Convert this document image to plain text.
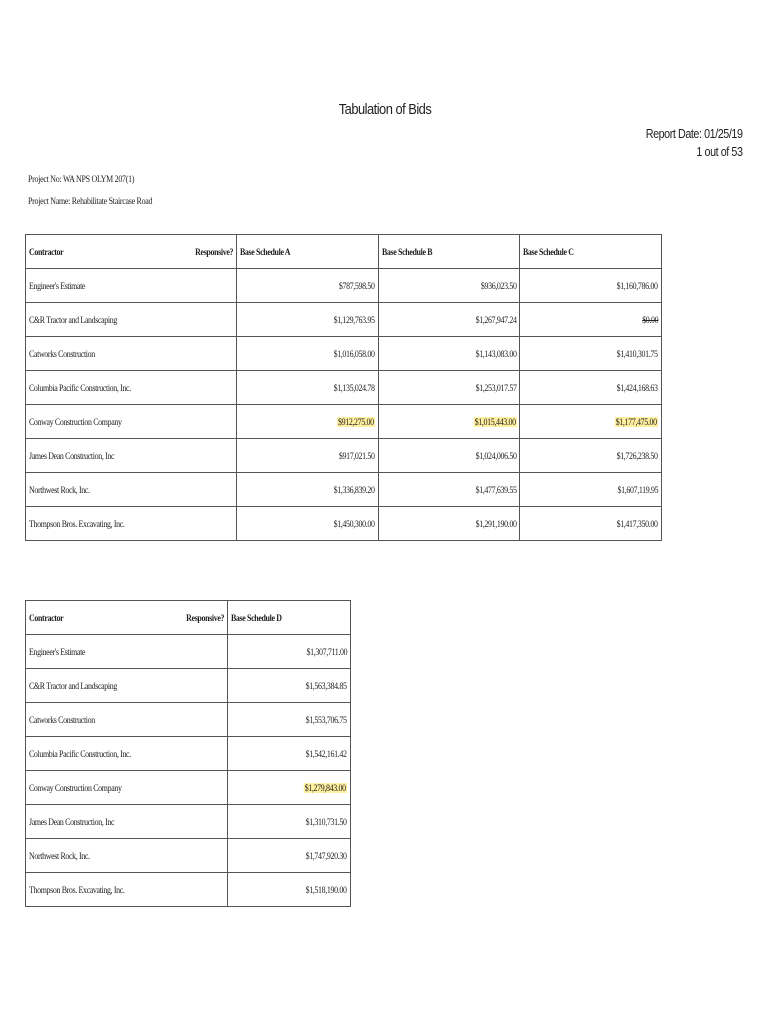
Tabulation of Bids
Report Date: 01/25/19
1 out of 53
Project No: WA NPS OLYM 207(1)
Project Name: Rehabilitate Staircase Road
Contractor	Responsive?	Base Schedule A	Base Schedule B	Base Schedule C
Engineer's Estimate		$787,598.50	$936,023.50	$1,160,786.00
C&R Tractor and Landscaping		$1,129,763.95	$1,267,947.24	$0.00
Catworks Construction		$1,016,058.00	$1,143,083.00	$1,410,301.75
Columbia Pacific Construction, Inc.		$1,135,024.78	$1,253,017.57	$1,424,168.63
Conway Construction Company		$912,275.00	$1,015,443.00	$1,177,475.00
James Dean Construction, Inc		$917,021.50	$1,024,006.50	$1,726,238.50
Northwest Rock, Inc.		$1,336,839.20	$1,477,639.55	$1,607,119.95
Thompson Bros. Excavating, Inc.		$1,450,300.00	$1,291,190.00	$1,417,350.00
Contractor	Responsive?	Base Schedule D
Engineer's Estimate		$1,307,711.00
C&R Tractor and Landscaping		$1,563,384.85
Catworks Construction		$1,553,706.75
Columbia Pacific Construction, Inc.		$1,542,161.42
Conway Construction Company		$1,279,843.00
James Dean Construction, Inc		$1,310,731.50
Northwest Rock, Inc.		$1,747,920.30
Thompson Bros. Excavating, Inc.		$1,518,190.00
